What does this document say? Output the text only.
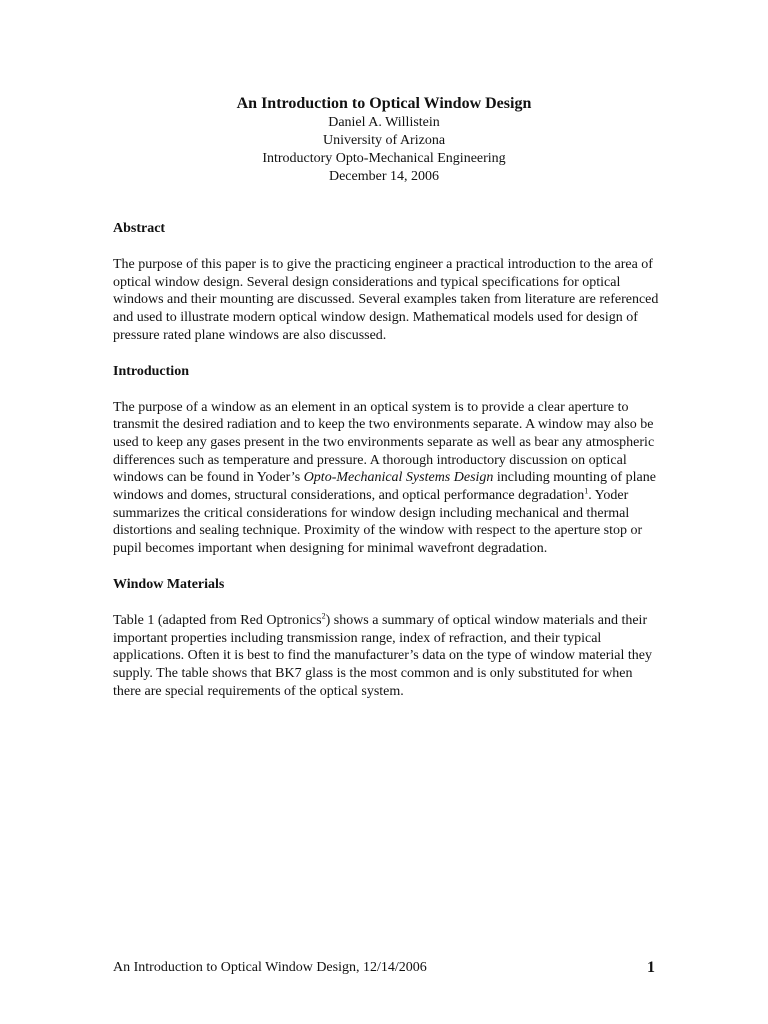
An Introduction to Optical Window Design

Daniel A. Willistein

University of Arizona

Introductory Opto-Mechanical Engineering

December 14, 2006

Abstract

The purpose of this paper is to give the practicing engineer a practical introduction to the area of optical window design. Several design considerations and typical specifications for optical windows and their mounting are discussed. Several examples taken from literature are referenced and used to illustrate modern optical window design. Mathematical models used for design of pressure rated plane windows are also discussed.

Introduction

The purpose of a window as an element in an optical system is to provide a clear aperture to transmit the desired radiation and to keep the two environments separate. A window may also be used to keep any gases present in the two environments separate as well as bear any atmospheric differences such as temperature and pressure. A thorough introductory discussion on optical windows can be found in Yoder’s Opto-Mechanical Systems Design including mounting of plane windows and domes, structural considerations, and optical performance degradation$^1$. Yoder summarizes the critical considerations for window design including mechanical and thermal distortions and sealing technique. Proximity of the window with respect to the aperture stop or pupil becomes important when designing for minimal wavefront degradation.

Window Materials

Table 1 (adapted from Red Optronics$^2$) shows a summary of optical window materials and their important properties including transmission range, index of refraction, and their typical applications. Often it is best to find the manufacturer’s data on the type of window material they supply. The table shows that BK7 glass is the most common and is only substituted for when there are special requirements of the optical system.

An Introduction to Optical Window Design, 12/14/2006	1
